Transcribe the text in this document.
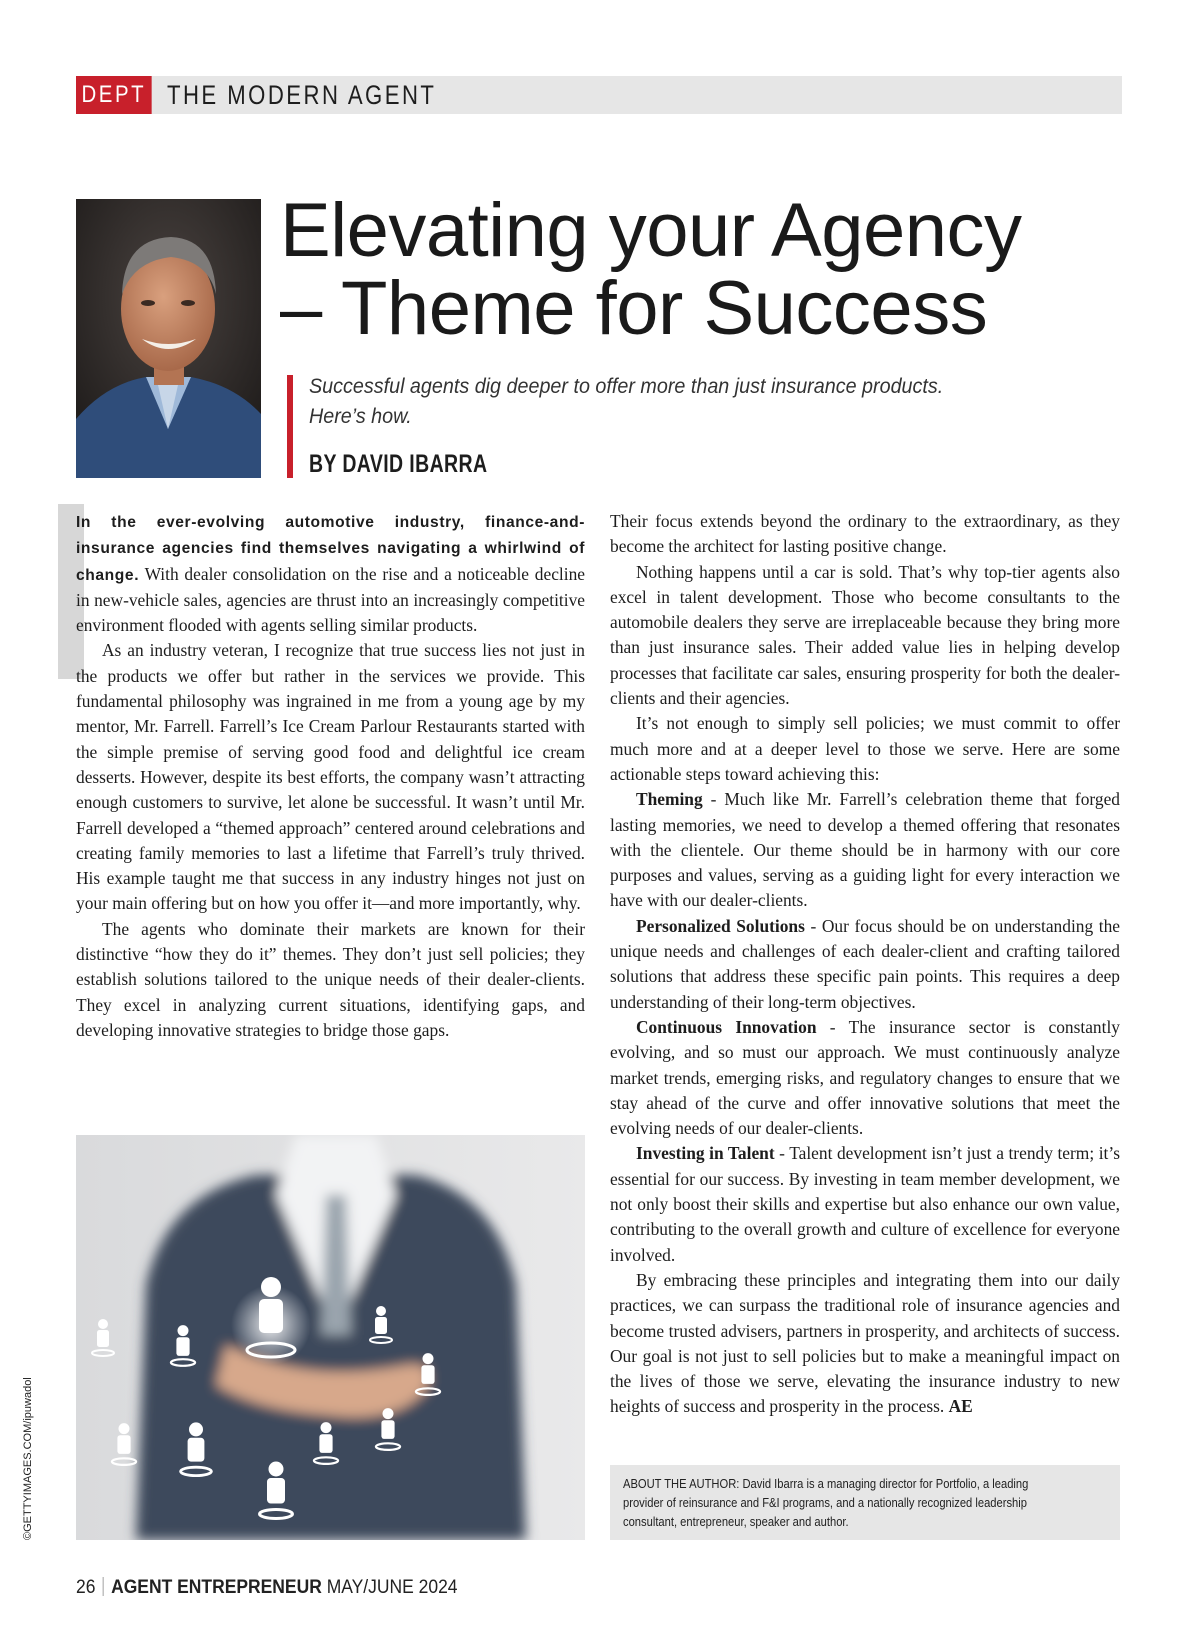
DEPT THE MODERN AGENT
Elevating your Agency
– Theme for Success
Successful agents dig deeper to offer more than just insurance products.
Here’s how.
BY DAVID IBARRA

In the ever-evolving automotive industry, finance-and-insurance agencies find themselves navigating a whirlwind of change. With dealer consolidation on the rise and a noticeable decline in new-vehicle sales, agencies are thrust into an increasingly competitive environment flooded with agents selling similar products.

As an industry veteran, I recognize that true success lies not just in the products we offer but rather in the services we provide. This fundamental philosophy was ingrained in me from a young age by my mentor, Mr. Farrell. Farrell’s Ice Cream Parlour Restaurants started with the simple premise of serving good food and delightful ice cream desserts. However, despite its best efforts, the company wasn’t attracting enough customers to survive, let alone be successful. It wasn’t until Mr. Farrell developed a “themed approach” centered around celebrations and creating family memories to last a lifetime that Farrell’s truly thrived. His example taught me that success in any industry hinges not just on your main offering but on how you offer it—and more importantly, why.

The agents who dominate their markets are known for their distinctive “how they do it” themes. They don’t just sell policies; they establish solutions tailored to the unique needs of their dealer-clients. They excel in analyzing current situations, identifying gaps, and developing innovative strategies to bridge those gaps.

Their focus extends beyond the ordinary to the extraordinary, as they become the architect for lasting positive change.

Nothing happens until a car is sold. That’s why top-tier agents also excel in talent development. Those who become consultants to the automobile dealers they serve are irreplaceable because they bring more than just insurance sales. Their added value lies in helping develop processes that facilitate car sales, ensuring prosperity for both the dealer-clients and their agencies.

It’s not enough to simply sell policies; we must commit to offer much more and at a deeper level to those we serve. Here are some actionable steps toward achieving this:

Theming - Much like Mr. Farrell’s celebration theme that forged lasting memories, we need to develop a themed offering that resonates with the clientele. Our theme should be in harmony with our core purposes and values, serving as a guiding light for every interaction we have with our dealer-clients.

Personalized Solutions - Our focus should be on understanding the unique needs and challenges of each dealer-client and crafting tailored solutions that address these specific pain points. This requires a deep understanding of their long-term objectives.

Continuous Innovation - The insurance sector is constantly evolving, and so must our approach. We must continuously analyze market trends, emerging risks, and regulatory changes to ensure that we stay ahead of the curve and offer innovative solutions that meet the evolving needs of our dealer-clients.

Investing in Talent - Talent development isn’t just a trendy term; it’s essential for our success. By investing in team member development, we not only boost their skills and expertise but also enhance our own value, contributing to the overall growth and culture of excellence for everyone involved.

By embracing these principles and integrating them into our daily practices, we can surpass the traditional role of insurance agencies and become trusted advisers, partners in prosperity, and architects of success. Our goal is not just to sell policies but to make a meaningful impact on the lives of those we serve, elevating the insurance industry to new heights of success and prosperity in the process. AE

©GETTYIMAGES.COM/ipuwadol	ABOUT THE AUTHOR: David Ibarra is a managing director for Portfolio, a leading provider of reinsurance and F&I programs, and a nationally recognized leadership consultant, entrepreneur, speaker and author.
26 AGENT ENTREPRENEUR MAY/JUNE 2024
